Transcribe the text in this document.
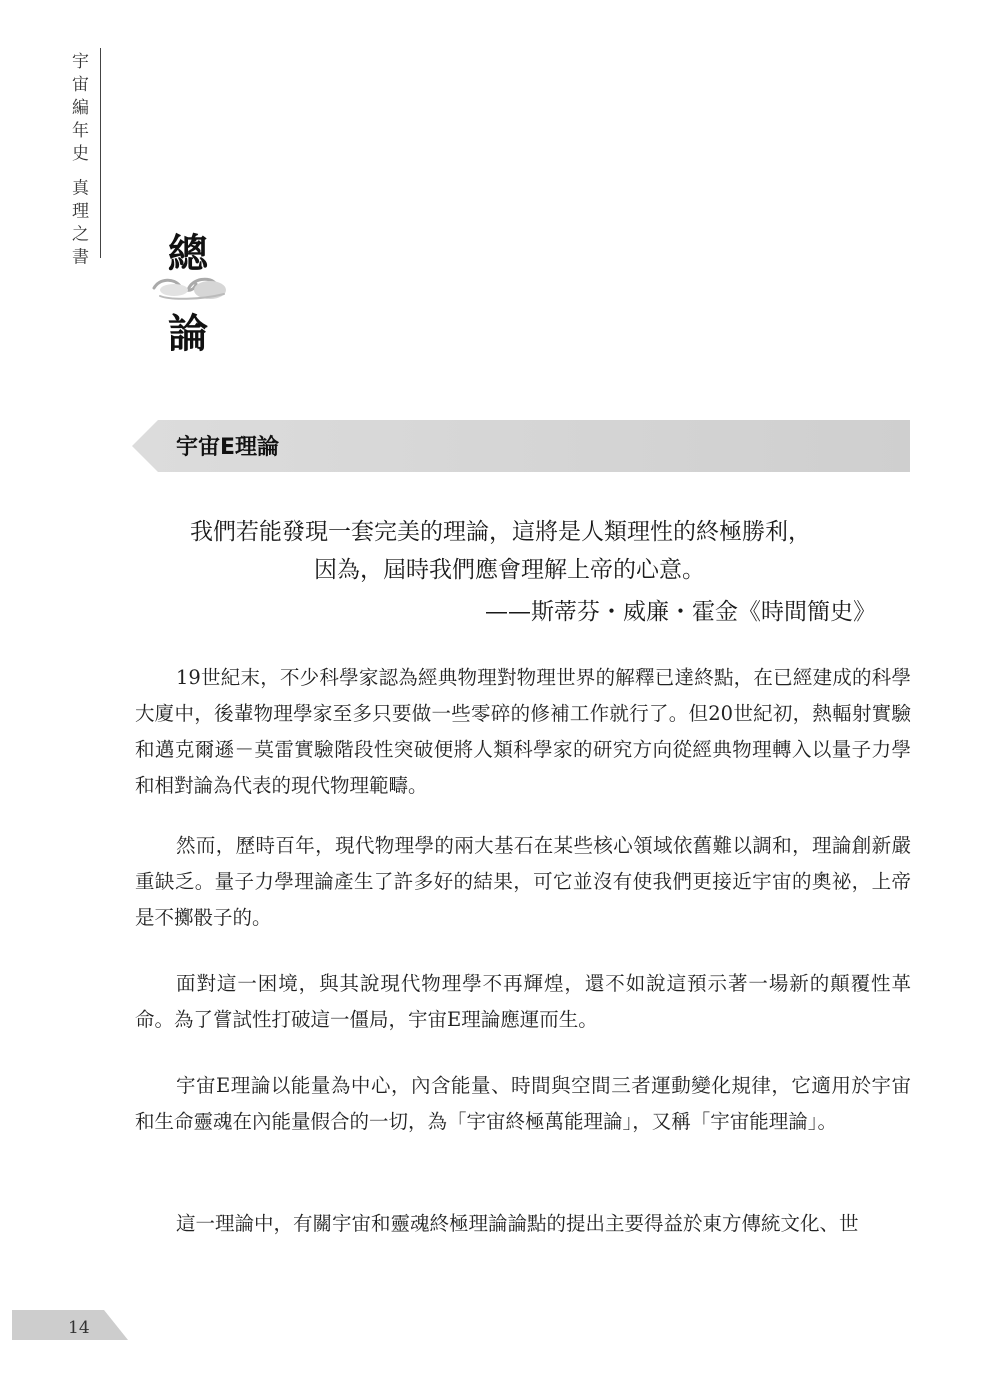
宇宙編年史 真理之書 總
論
宇宙E理論
我們若能發現一套完美的理論，這將是人類理性的終極勝利，
因為，屆時我們應會理解上帝的心意。
——斯蒂芬・威廉・霍金《時間簡史》
19世紀末，不少科學家認為經典物理對物理世界的解釋已達終點，在已經建成的科學大廈中，後輩物理學家至多只要做一些零碎的修補工作就行了。但20世紀初，熱輻射實驗和邁克爾遜－莫雷實驗階段性突破便將人類科學家的研究方向從經典物理轉入以量子力學和相對論為代表的現代物理範疇。
然而，歷時百年，現代物理學的兩大基石在某些核心領域依舊難以調和，理論創新嚴重缺乏。量子力學理論產生了許多好的結果，可它並沒有使我們更接近宇宙的奧祕，上帝是不擲骰子的。
面對這一困境，與其說現代物理學不再輝煌，還不如說這預示著一場新的顛覆性革命。為了嘗試性打破這一僵局，宇宙E理論應運而生。
宇宙E理論以能量為中心，內含能量、時間與空間三者運動變化規律，它適用於宇宙和生命靈魂在內能量假合的一切，為「宇宙終極萬能理論」，又稱「宇宙能理論」。
這一理論中，有關宇宙和靈魂終極理論論點的提出主要得益於東方傳統文化、世
14
